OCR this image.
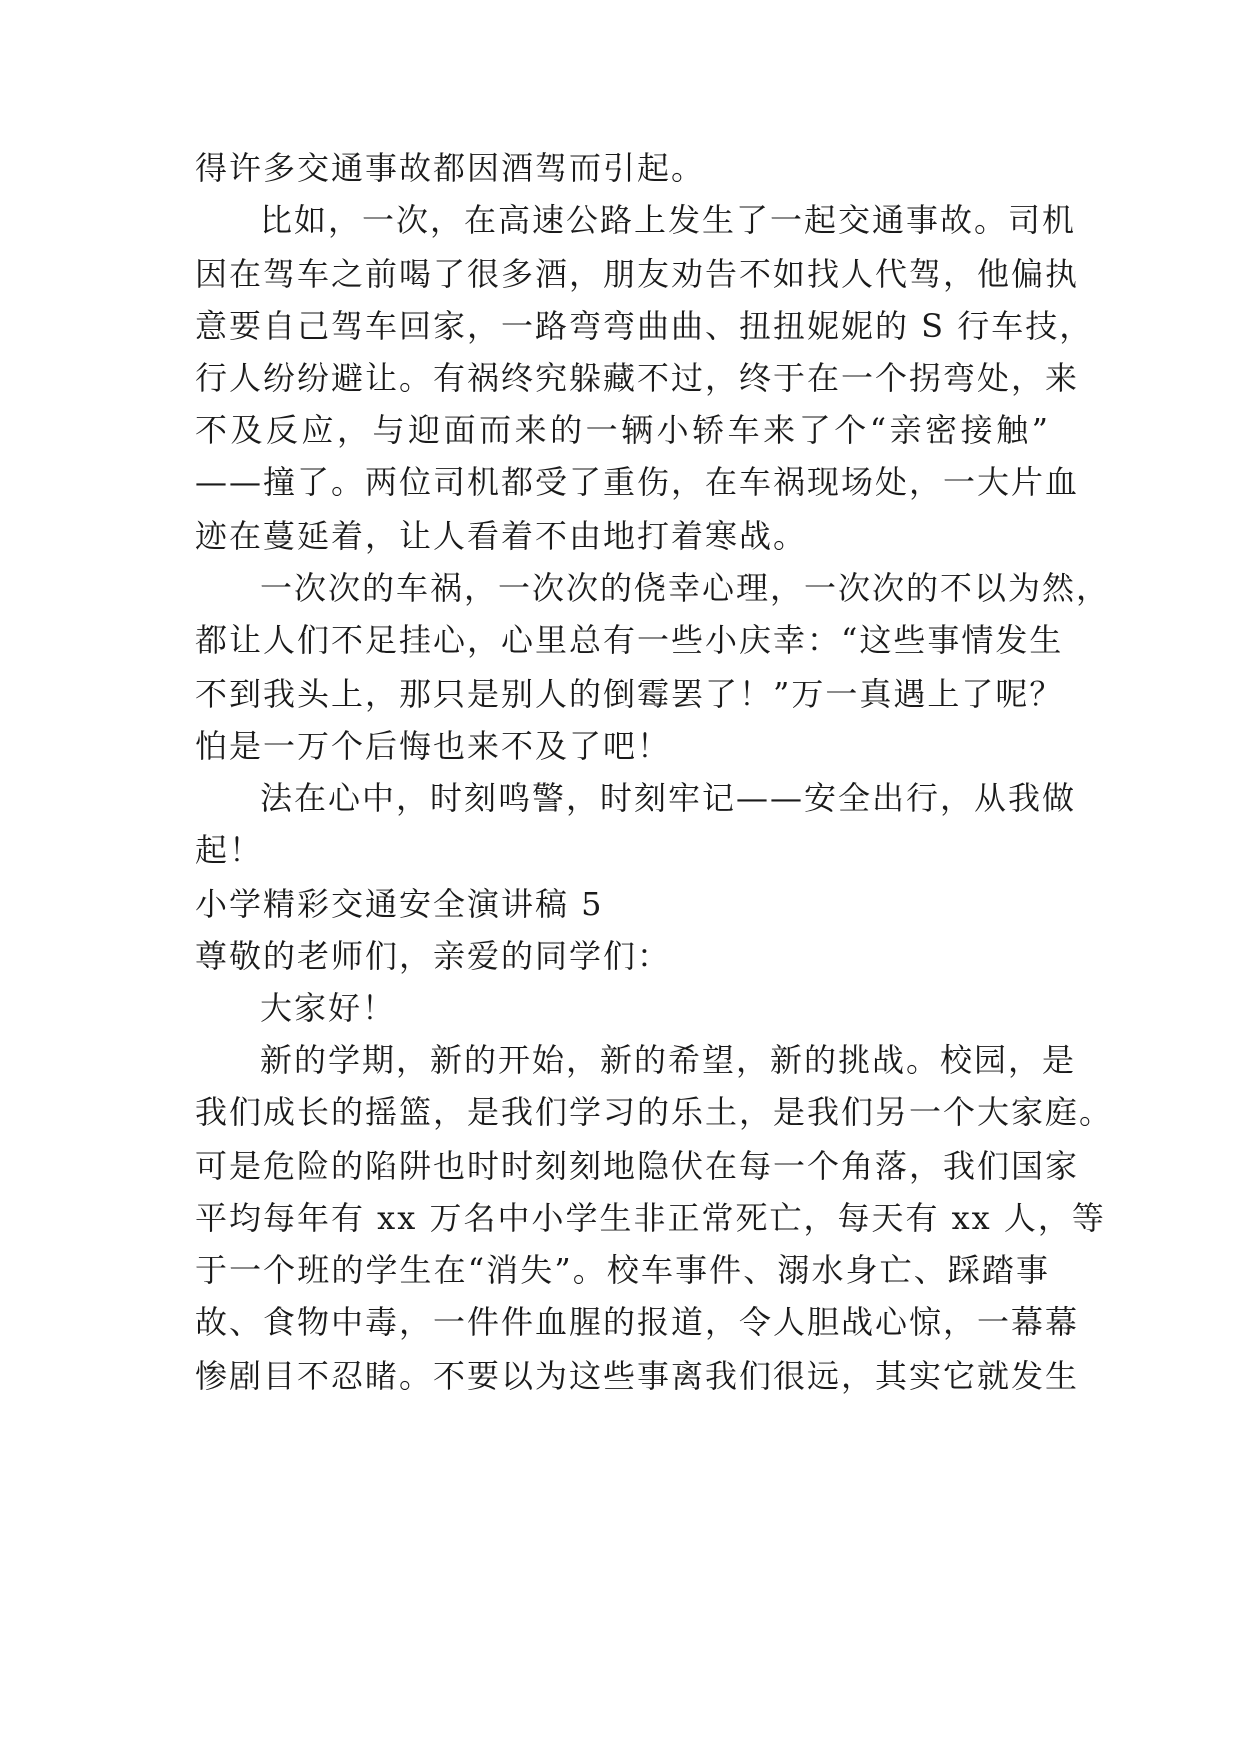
得许多交通事故都因酒驾而引起。
比如，一次，在高速公路上发生了一起交通事故。司机
因在驾车之前喝了很多酒，朋友劝告不如找人代驾，他偏执
意要自己驾车回家，一路弯弯曲曲、扭扭妮妮的 S 行车技，
行人纷纷避让。有祸终究躲藏不过，终于在一个拐弯处，来
不及反应，与迎面而来的一辆小轿车来了个“亲密接触”
——撞了。两位司机都受了重伤，在车祸现场处，一大片血
迹在蔓延着，让人看着不由地打着寒战。
一次次的车祸，一次次的侥幸心理，一次次的不以为然，
都让人们不足挂心，心里总有一些小庆幸：“这些事情发生
不到我头上，那只是别人的倒霉罢了！”万一真遇上了呢？
怕是一万个后悔也来不及了吧！
法在心中，时刻鸣警，时刻牢记——安全出行，从我做
起！
小学精彩交通安全演讲稿 5
尊敬的老师们，亲爱的同学们：
大家好！
新的学期，新的开始，新的希望，新的挑战。校园，是
我们成长的摇篮，是我们学习的乐土，是我们另一个大家庭。
可是危险的陷阱也时时刻刻地隐伏在每一个角落，我们国家
平均每年有 xx 万名中小学生非正常死亡，每天有 xx 人，等
于一个班的学生在“消失”。校车事件、溺水身亡、踩踏事
故、食物中毒，一件件血腥的报道，令人胆战心惊，一幕幕
惨剧目不忍睹。不要以为这些事离我们很远，其实它就发生
